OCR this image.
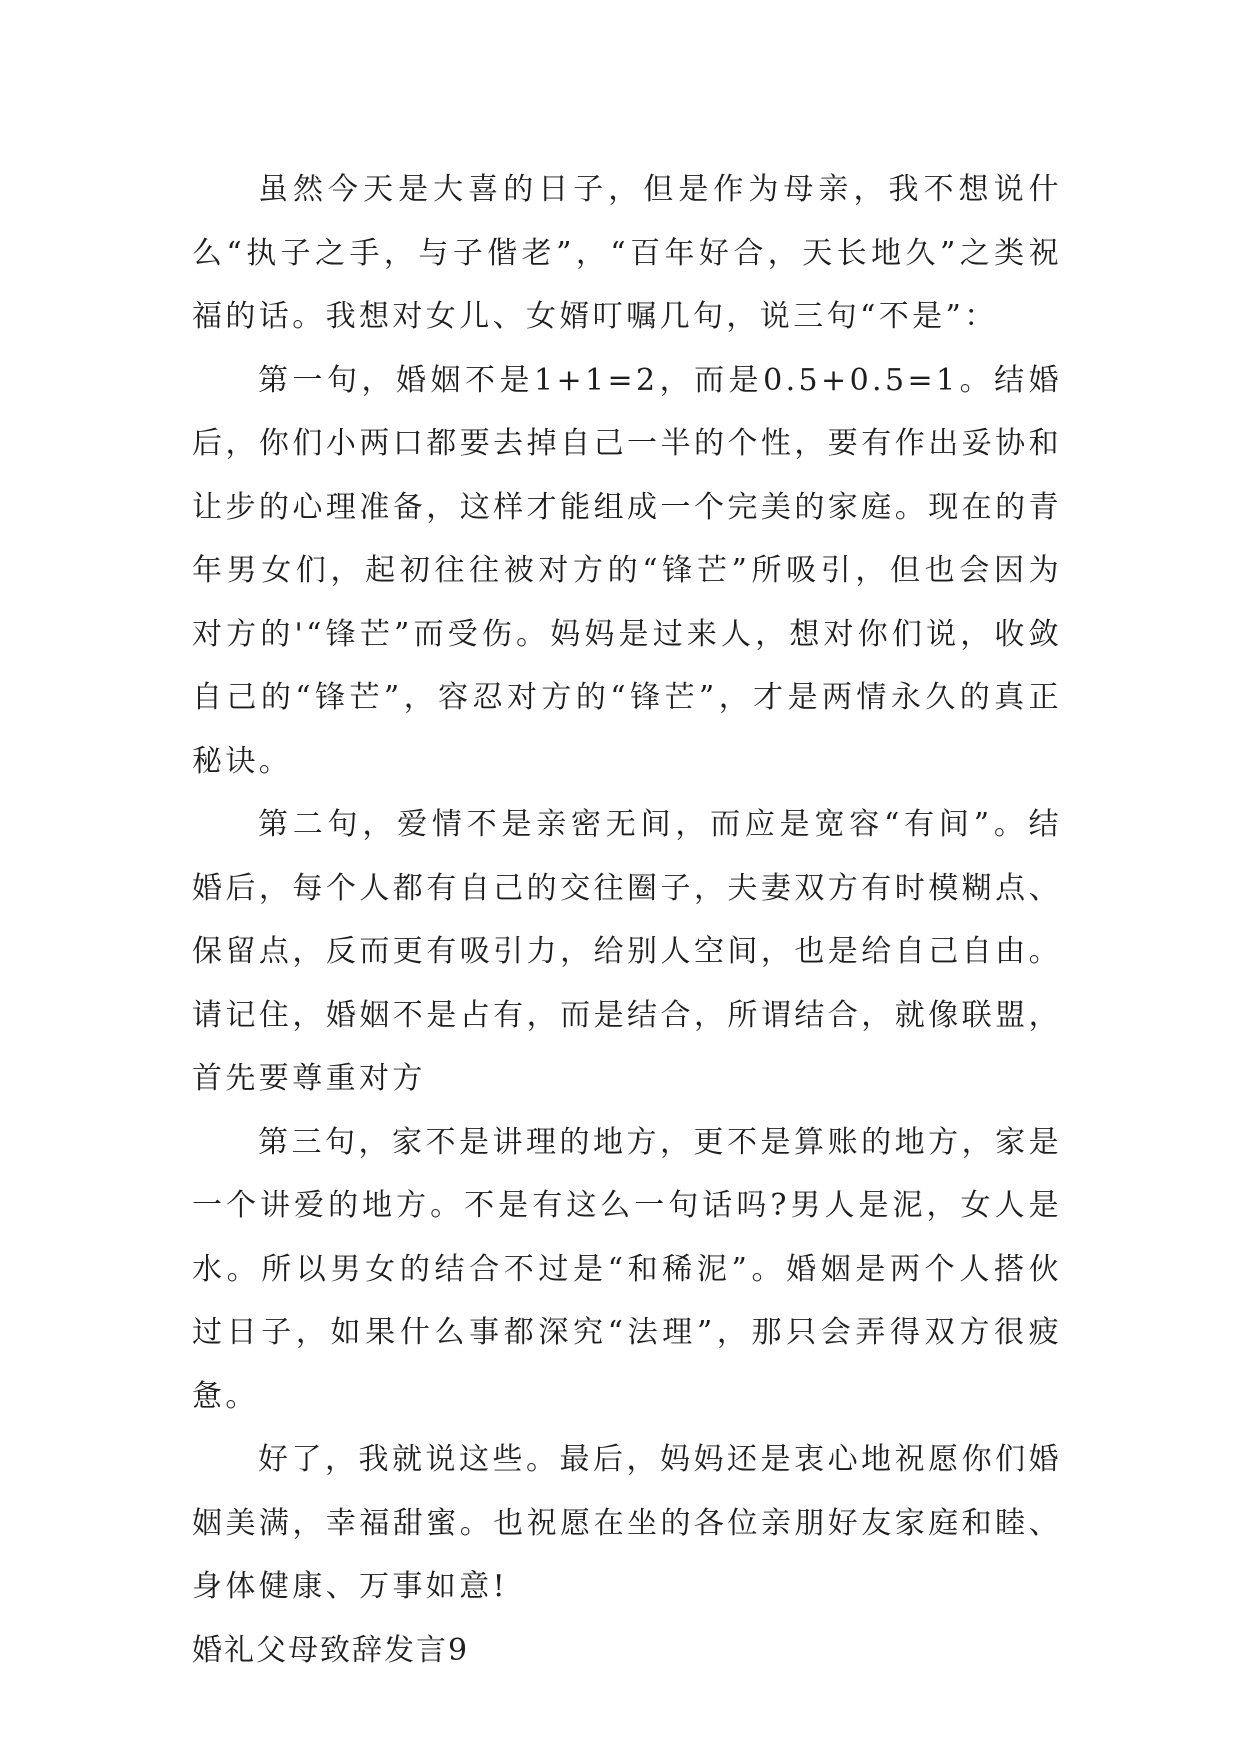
虽然今天是大喜的日子，但是作为母亲，我不想说什么“执子之手，与子偕老”，“百年好合，天长地久”之类祝福的话。我想对女儿、女婿叮嘱几句，说三句“不是”：

第一句，婚姻不是1+1=2，而是0.5+0.5=1。结婚后，你们小两口都要去掉自己一半的个性，要有作出妥协和让步的心理准备，这样才能组成一个完美的家庭。现在的青年男女们，起初往往被对方的“锋芒”所吸引，但也会因为对方的'“锋芒”而受伤。妈妈是过来人，想对你们说，收敛自己的“锋芒”，容忍对方的“锋芒”，才是两情永久的真正秘诀。

第二句，爱情不是亲密无间，而应是宽容“有间”。结婚后，每个人都有自己的交往圈子，夫妻双方有时模糊点、保留点，反而更有吸引力，给别人空间，也是给自己自由。请记住，婚姻不是占有，而是结合，所谓结合，就像联盟，首先要尊重对方

第三句，家不是讲理的地方，更不是算账的地方，家是一个讲爱的地方。不是有这么一句话吗?男人是泥，女人是水。所以男女的结合不过是“和稀泥”。婚姻是两个人搭伙过日子，如果什么事都深究“法理”，那只会弄得双方很疲惫。

好了，我就说这些。最后，妈妈还是衷心地祝愿你们婚姻美满，幸福甜蜜。也祝愿在坐的各位亲朋好友家庭和睦、身体健康、万事如意!

婚礼父母致辞发言9
